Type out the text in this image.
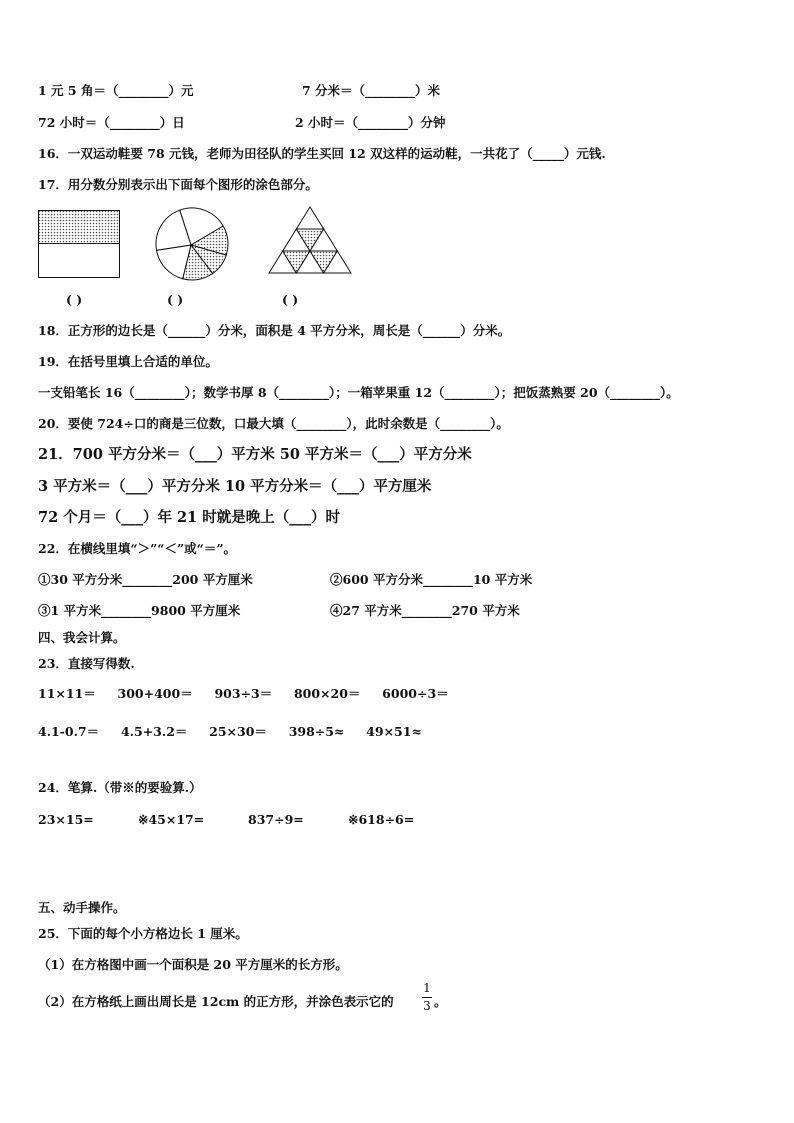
1 元 5 角＝（________）元	7 分米＝（________）米
72 小时＝（________）日	2 小时＝（________）分钟
16．一双运动鞋要 78 元钱，老师为田径队的学生买回 12 双这样的运动鞋，一共花了（_____）元钱.
17．用分数分别表示出下面每个图形的涂色部分。
( )	( )	( )
18．正方形的边长是（______）分米，面积是 4 平方分米，周长是（______）分米。
19．在括号里填上合适的单位。
一支铅笔长 16（________）；数学书厚 8（________）；一箱苹果重 12（________）；把饭蒸熟要 20（________）。
20．要使 724÷口的商是三位数，口最大填（________），此时余数是（________）。
21．700 平方分米＝（___）平方米 50 平方米＝（___）平方分米
3 平方米＝（___）平方分米 10 平方分米＝（___）平方厘米
72 个月＝（___）年 21 时就是晚上（___）时
22．在横线里填“＞”“＜”或“＝”。
①30 平方分米________200 平方厘米	②600 平方分米________10 平方米
③1 平方米________9800 平方厘米	④27 平方米________270 平方米
四、我会计算。
23．直接写得数.
11×11＝     300+400＝     903÷3＝     800×20＝     6000÷3＝
4.1-0.7＝     4.5+3.2＝     25×30＝     398÷5≈     49×51≈
24．笔算.（带※的要验算.）
23×15=	※45×17=	837÷9=	※618÷6=
五、动手操作。
25．下面的每个小方格边长 1 厘米。
（1）在方格图中画一个面积是 20 平方厘米的长方形。
（2）在方格纸上画出周长是 12cm 的正方形，并涂色表示它的
1
3 。
